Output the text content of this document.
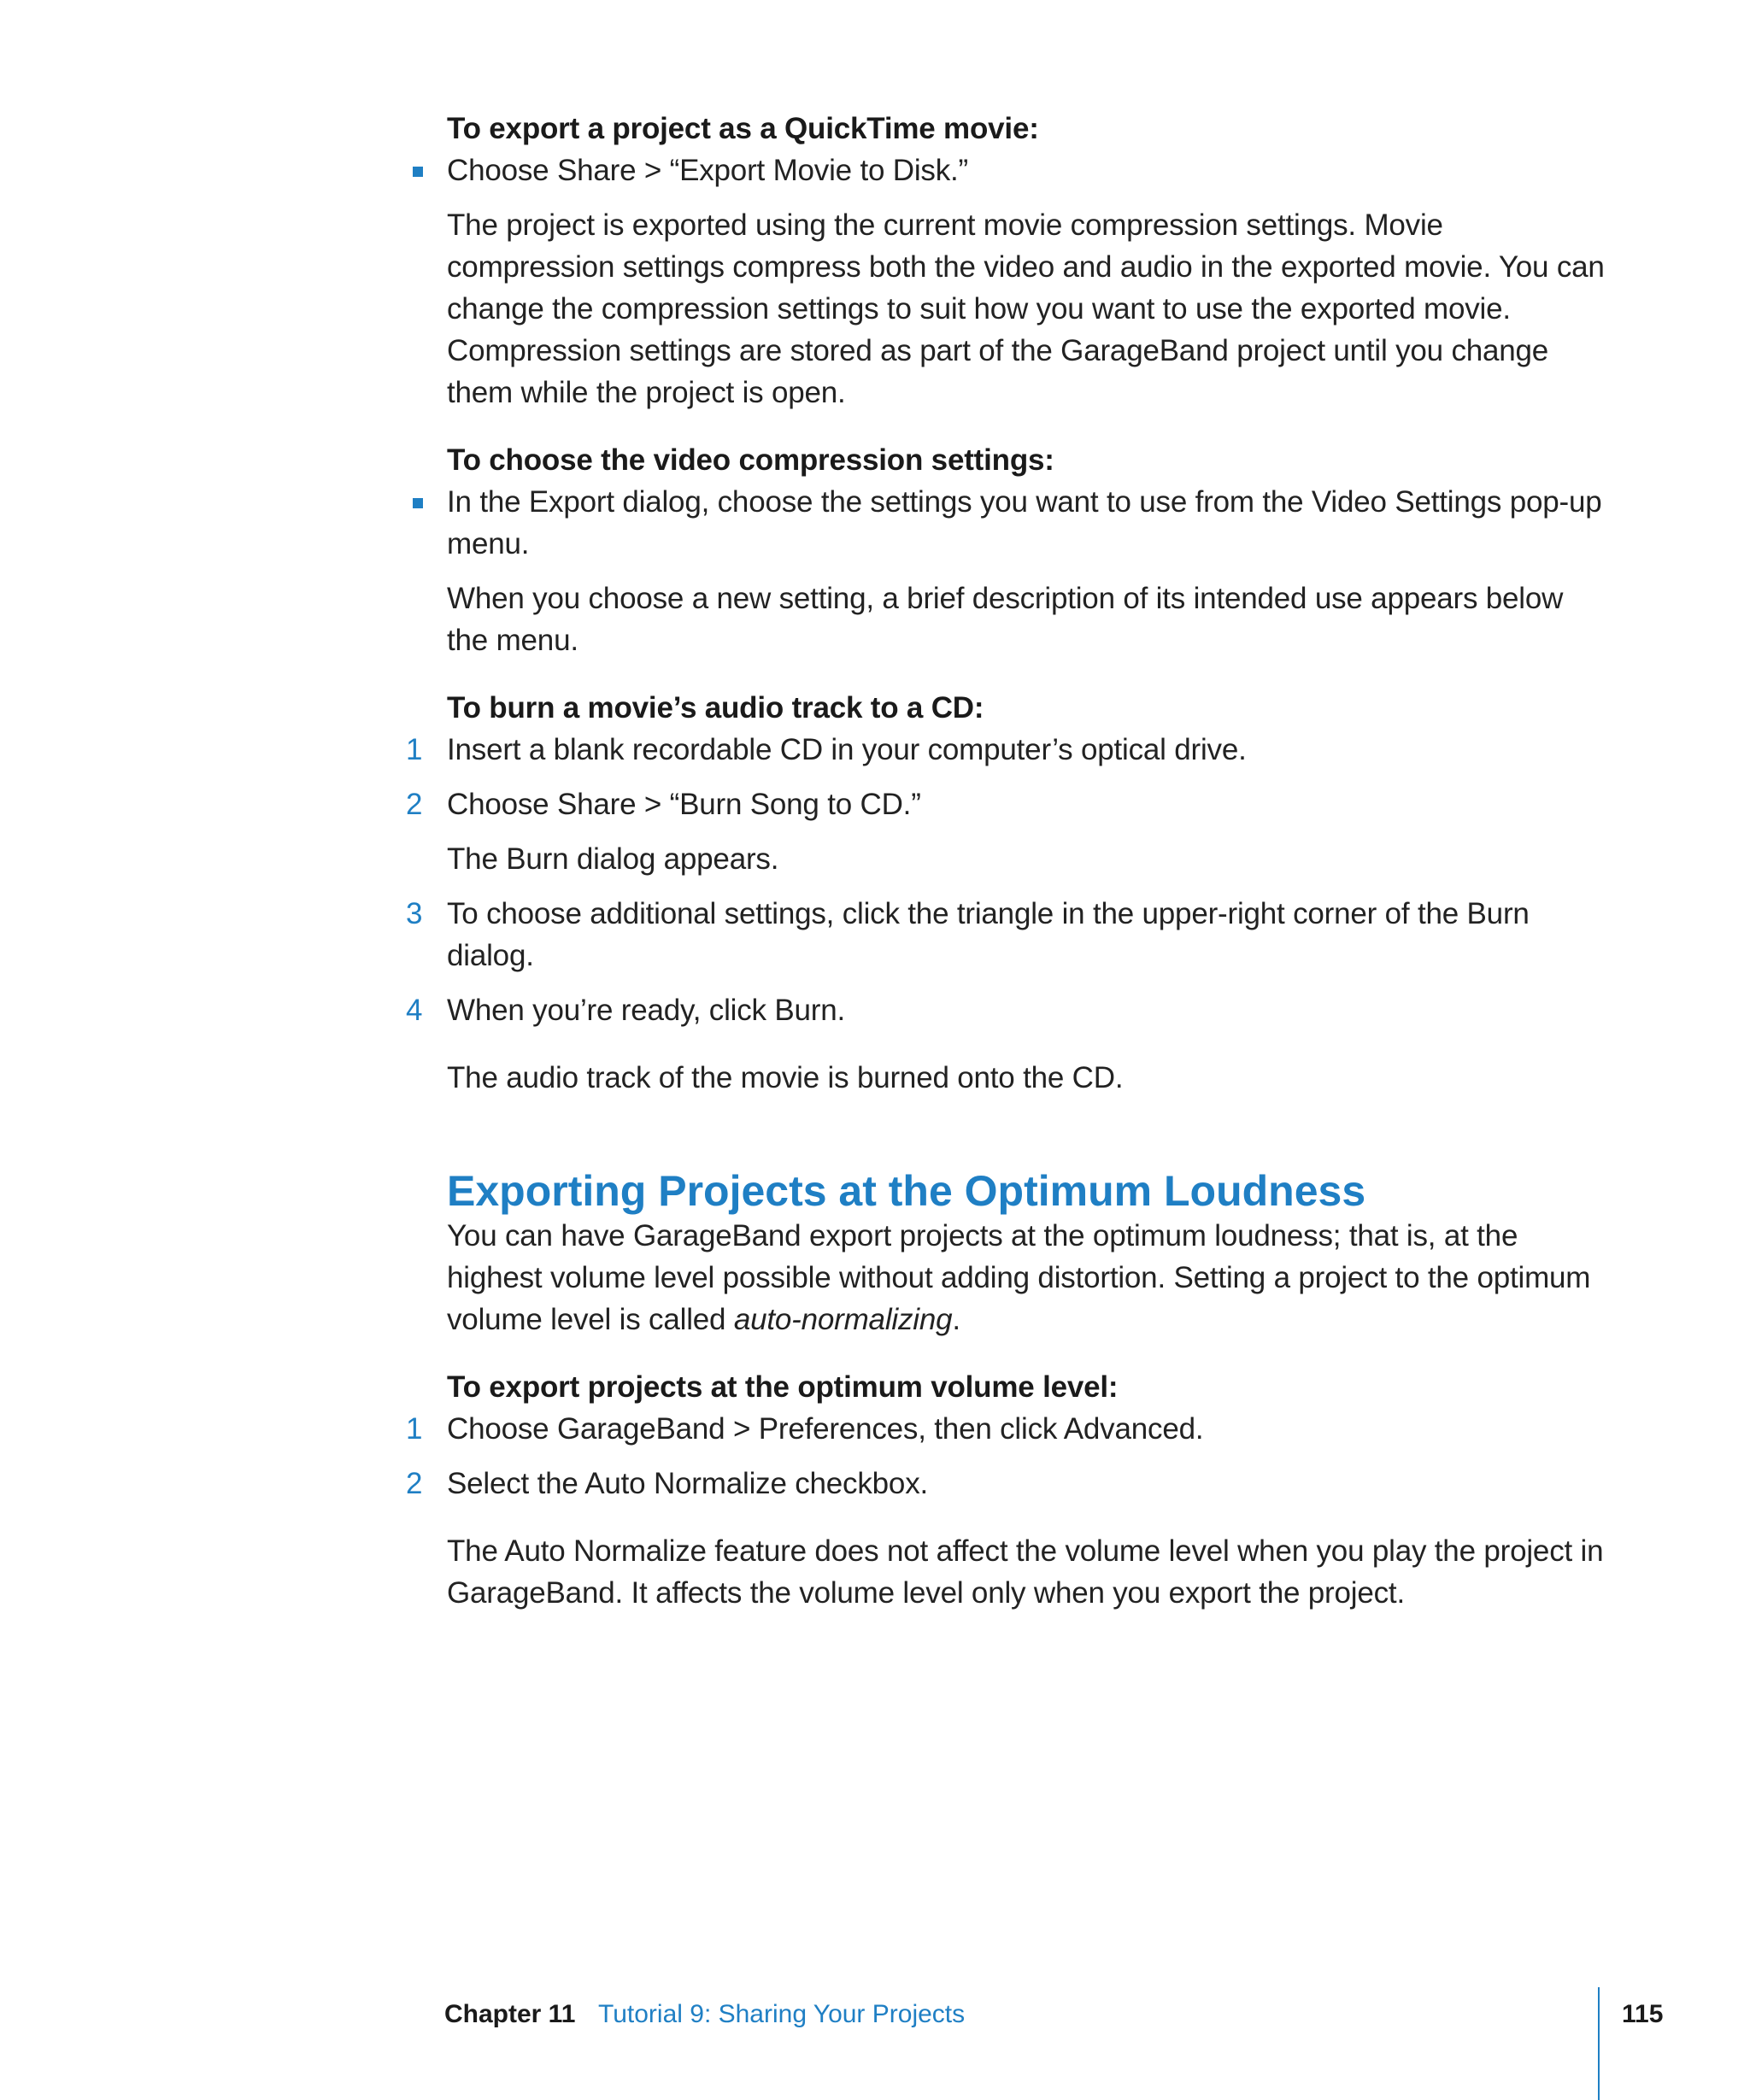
To export a project as a QuickTime movie:

Choose Share > “Export Movie to Disk.”

The project is exported using the current movie compression settings. Movie compression settings compress both the video and audio in the exported movie. You can change the compression settings to suit how you want to use the exported movie. Compression settings are stored as part of the GarageBand project until you change them while the project is open.

To choose the video compression settings:

In the Export dialog, choose the settings you want to use from the Video Settings pop-up menu.

When you choose a new setting, a brief description of its intended use appears below the menu.

To burn a movie’s audio track to a CD:

1 Insert a blank recordable CD in your computer’s optical drive.

2 Choose Share > “Burn Song to CD.”

The Burn dialog appears.

3 To choose additional settings, click the triangle in the upper-right corner of the Burn dialog.

4 When you’re ready, click Burn.

The audio track of the movie is burned onto the CD.

Exporting Projects at the Optimum Loudness

You can have GarageBand export projects at the optimum loudness; that is, at the highest volume level possible without adding distortion. Setting a project to the optimum volume level is called auto-normalizing.

To export projects at the optimum volume level:

1 Choose GarageBand > Preferences, then click Advanced.

2 Select the Auto Normalize checkbox.

The Auto Normalize feature does not affect the volume level when you play the project in GarageBand. It affects the volume level only when you export the project.

Chapter 11 Tutorial 9: Sharing Your Projects	115
